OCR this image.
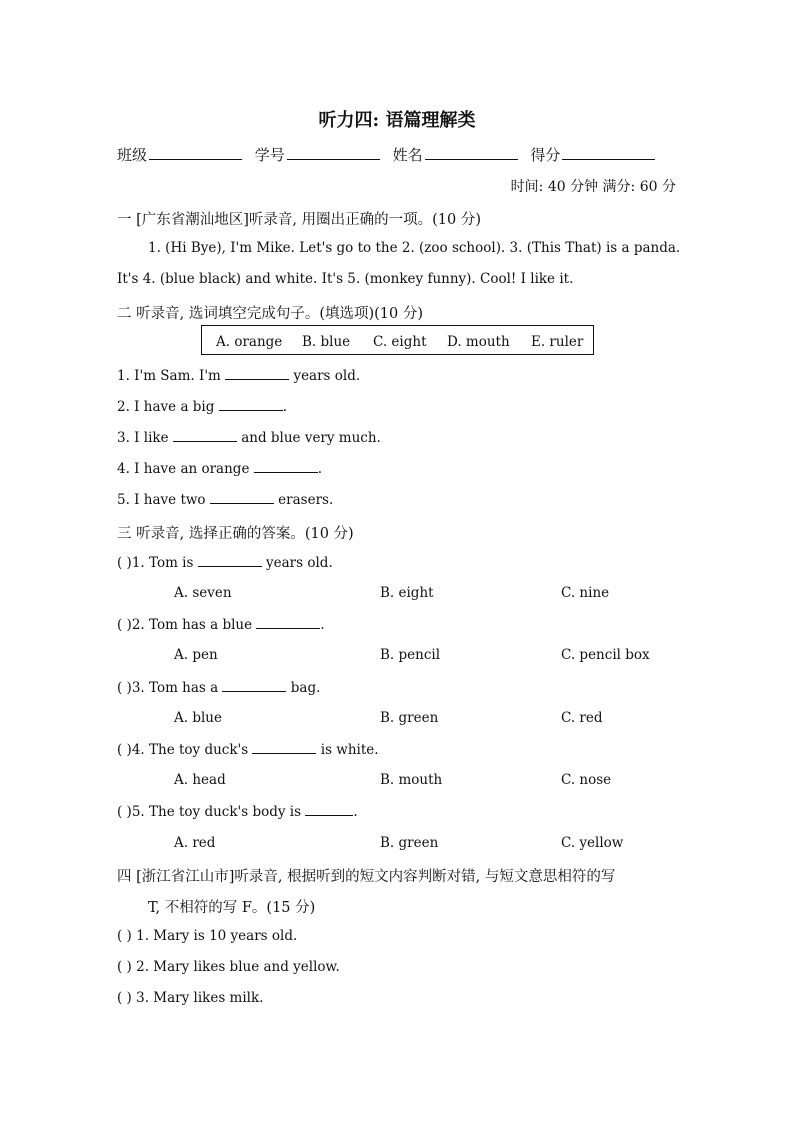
听力四: 语篇理解类
班级	学号	姓名	得分
时间: 40 分钟 满分: 60 分
一 [广东省潮汕地区]听录音, 用圈出正确的一项。(10 分)
1. (Hi Bye), I'm Mike. Let's go to the 2. (zoo school). 3. (This That) is a panda.
It's 4. (blue black) and white. It's 5. (monkey funny). Cool! I like it.
二 听录音, 选词填空完成句子。(填选项)(10 分)
A. orange B. blue C. eight D. mouth E. ruler
1. I'm Sam. I'm	years old.
2. I have a big	.
3. I like	and blue very much.
4. I have an orange	.
5. I have two	erasers.
三 听录音, 选择正确的答案。(10 分)
( )1. Tom is	years old.
A. seven	B. eight	C. nine
( )2. Tom has a blue	.
A. pen	B. pencil	C. pencil box
( )3. Tom has a	bag.
A. blue	B. green	C. red
( )4. The toy duck's	is white.
A. head	B. mouth	C. nose
( )5. The toy duck's body is	.
A. red	B. green	C. yellow
四 [浙江省江山市]听录音, 根据听到的短文内容判断对错, 与短文意思相符的写
T, 不相符的写 F。(15 分)
( ) 1. Mary is 10 years old.
( ) 2. Mary likes blue and yellow.
( ) 3. Mary likes milk.
